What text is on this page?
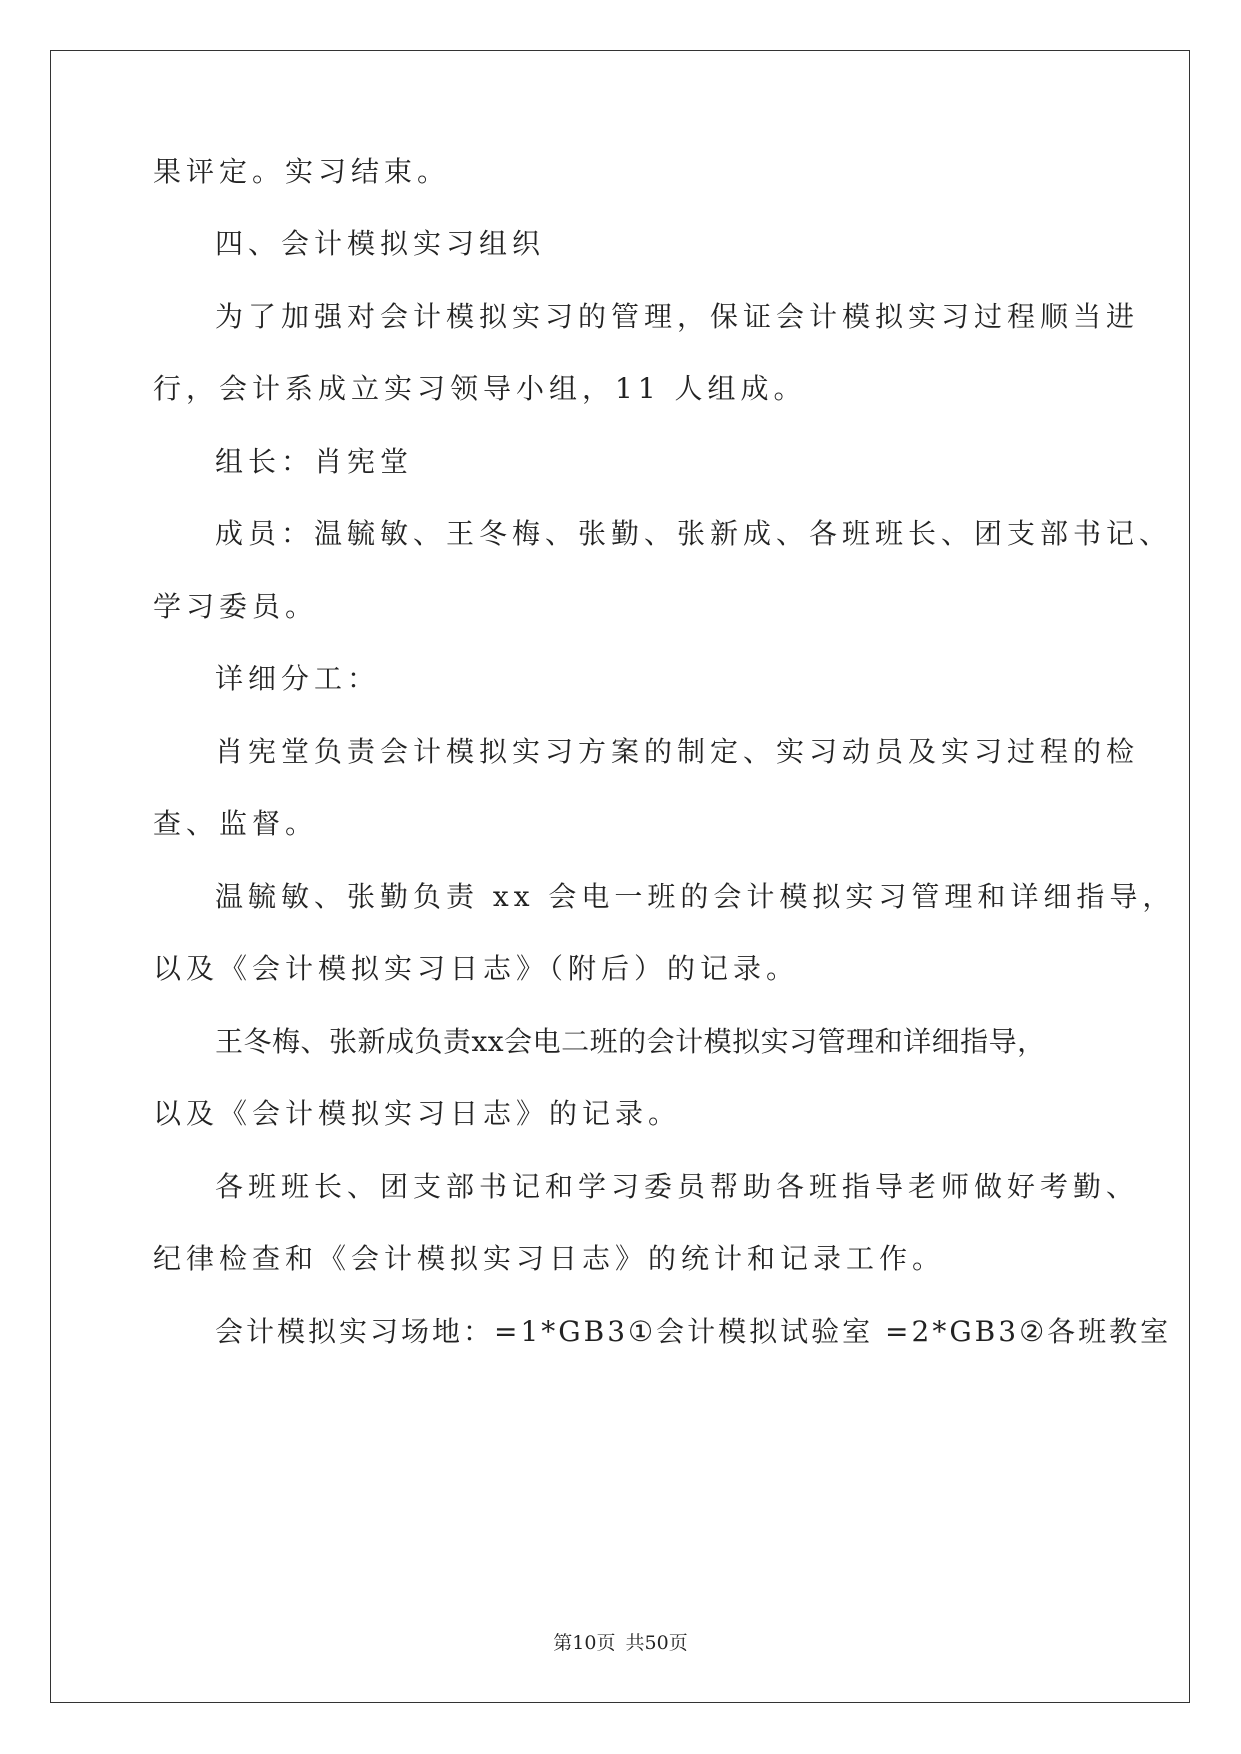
果评定。实习结束。
四、会计模拟实习组织
为了加强对会计模拟实习的管理，保证会计模拟实习过程顺当进
行，会计系成立实习领导小组，11 人组成。
组长：肖宪堂
成员：温毓敏、王冬梅、张勤、张新成、各班班长、团支部书记、
学习委员。
详细分工：
肖宪堂负责会计模拟实习方案的制定、实习动员及实习过程的检
查、监督。
温毓敏、张勤负责 xx 会电一班的会计模拟实习管理和详细指导，
以及《会计模拟实习日志》（附后）的记录。
王冬梅、张新成负责xx会电二班的会计模拟实习管理和详细指导，
以及《会计模拟实习日志》的记录。
各班班长、团支部书记和学习委员帮助各班指导老师做好考勤、
纪律检查和《会计模拟实习日志》的统计和记录工作。
会计模拟实习场地：=1*GB3①会计模拟试验室 =2*GB3②各班教室
第10页 共50页
